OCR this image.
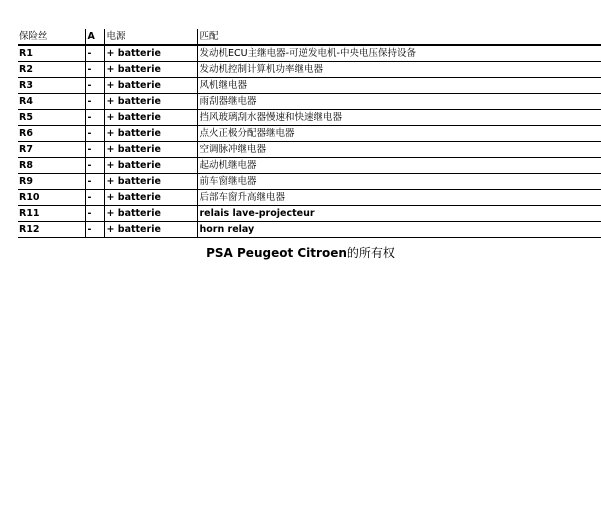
保险丝	A	电源	匹配
R1	-	+ batterie	发动机ECU主继电器-可逆发电机-中央电压保持设备
R2	-	+ batterie	发动机控制计算机功率继电器
R3	-	+ batterie	风机继电器
R4	-	+ batterie	雨刮器继电器
R5	-	+ batterie	挡风玻璃刮水器慢速和快速继电器
R6	-	+ batterie	点火正极分配器继电器
R7	-	+ batterie	空调脉冲继电器
R8	-	+ batterie	起动机继电器
R9	-	+ batterie	前车窗继电器
R10	-	+ batterie	后部车窗升高继电器
R11	-	+ batterie	relais lave-projecteur
R12	-	+ batterie	horn relay
PSA Peugeot Citroen的所有权
